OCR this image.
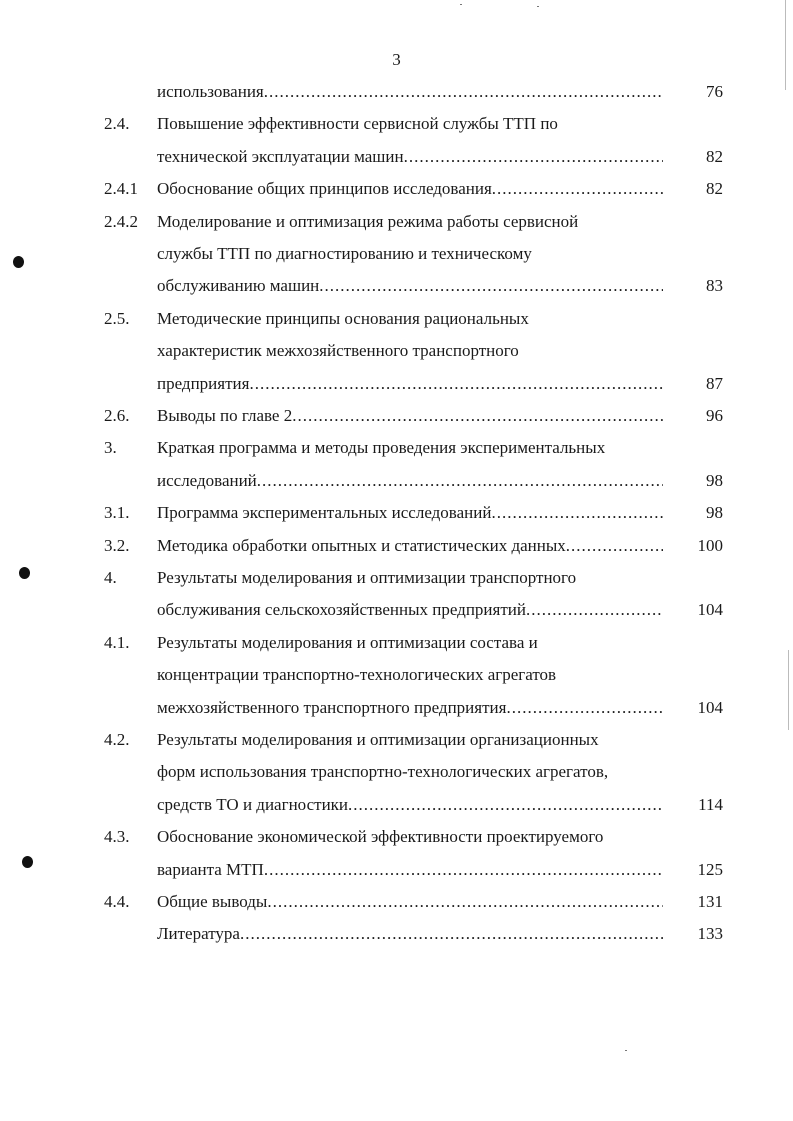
3
использования .....	76
2.4.	Повышение эффективности сервисной службы ТТП по
технической эксплуатации машин .....	82
2.4.1	Обоснование общих принципов исследования .....	82
2.4.2	Моделирование и оптимизация режима работы сервисной
службы ТТП по диагностированию и техническому
обслуживанию машин .....	83
2.5.	Методические принципы основания рациональных
характеристик межхозяйственного транспортного
предприятия .....	87
2.6.	Выводы по главе 2 .....	96
3.	Краткая программа и методы проведения экспериментальных
исследований .....	98
3.1.	Программа экспериментальных исследований .....	98
3.2.	Методика обработки опытных и статистических данных .....	100
4.	Результаты моделирования и оптимизации транспортного
обслуживания сельскохозяйственных предприятий .....	104
4.1.	Результаты моделирования и оптимизации состава и
концентрации транспортно-технологических агрегатов
межхозяйственного транспортного предприятия .....	104
4.2.	Результаты моделирования и оптимизации организационных
форм использования транспортно-технологических агрегатов,
средств ТО и диагностики .....	114
4.3.	Обоснование экономической эффективности проектируемого
варианта МТП .....	125
4.4.	Общие выводы .....	131
Литература .....	133
